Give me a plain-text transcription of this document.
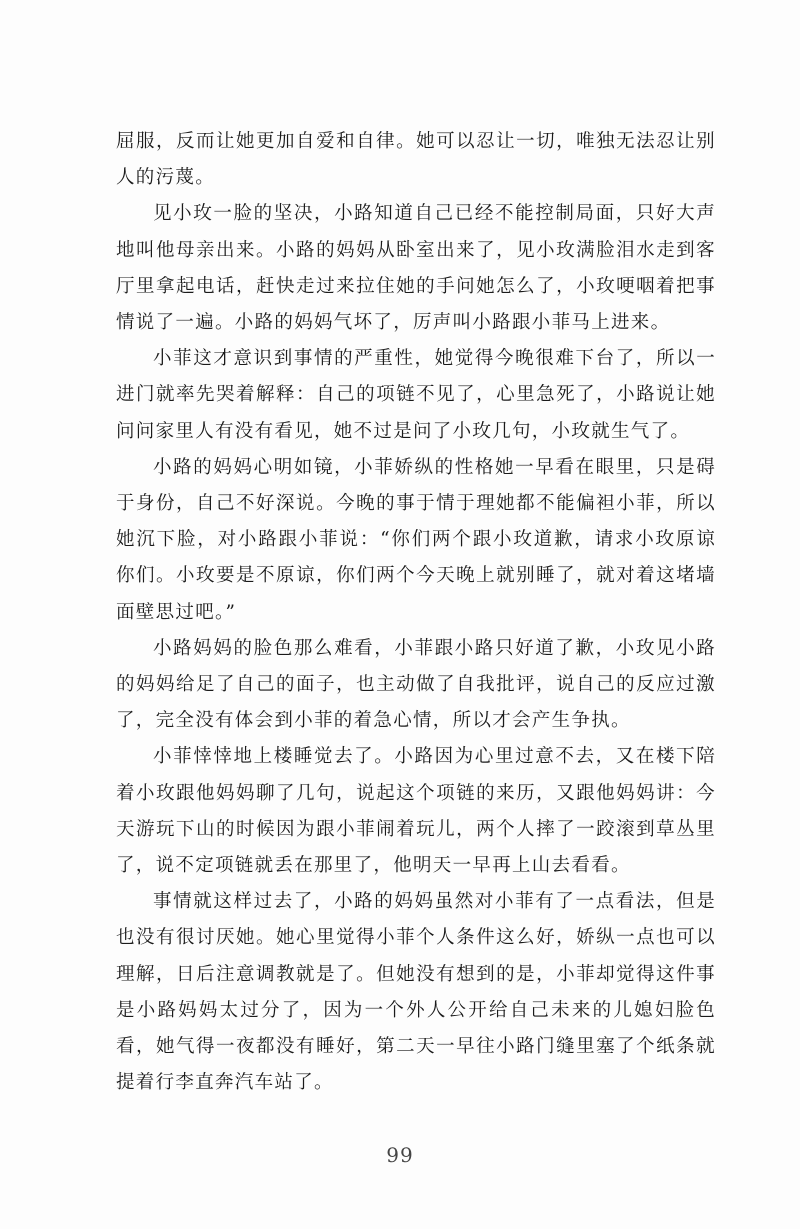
屈服，反而让她更加自爱和自律。她可以忍让一切，唯独无法忍让别人的污蔑。

见小玫一脸的坚决，小路知道自己已经不能控制局面，只好大声地叫他母亲出来。小路的妈妈从卧室出来了，见小玫满脸泪水走到客厅里拿起电话，赶快走过来拉住她的手问她怎么了，小玫哽咽着把事情说了一遍。小路的妈妈气坏了，厉声叫小路跟小菲马上进来。

小菲这才意识到事情的严重性，她觉得今晚很难下台了，所以一进门就率先哭着解释：自己的项链不见了，心里急死了，小路说让她问问家里人有没有看见，她不过是问了小玫几句，小玫就生气了。

小路的妈妈心明如镜，小菲娇纵的性格她一早看在眼里，只是碍于身份，自己不好深说。今晚的事于情于理她都不能偏袒小菲，所以她沉下脸，对小路跟小菲说：“你们两个跟小玫道歉，请求小玫原谅你们。小玫要是不原谅，你们两个今天晚上就别睡了，就对着这堵墙面壁思过吧。”

小路妈妈的脸色那么难看，小菲跟小路只好道了歉，小玫见小路的妈妈给足了自己的面子，也主动做了自我批评，说自己的反应过激了，完全没有体会到小菲的着急心情，所以才会产生争执。

小菲悻悻地上楼睡觉去了。小路因为心里过意不去，又在楼下陪着小玫跟他妈妈聊了几句，说起这个项链的来历，又跟他妈妈讲：今天游玩下山的时候因为跟小菲闹着玩儿，两个人摔了一跤滚到草丛里了，说不定项链就丢在那里了，他明天一早再上山去看看。

事情就这样过去了，小路的妈妈虽然对小菲有了一点看法，但是也没有很讨厌她。她心里觉得小菲个人条件这么好，娇纵一点也可以理解，日后注意调教就是了。但她没有想到的是，小菲却觉得这件事是小路妈妈太过分了，因为一个外人公开给自己未来的儿媳妇脸色看，她气得一夜都没有睡好，第二天一早往小路门缝里塞了个纸条就提着行李直奔汽车站了。

99
